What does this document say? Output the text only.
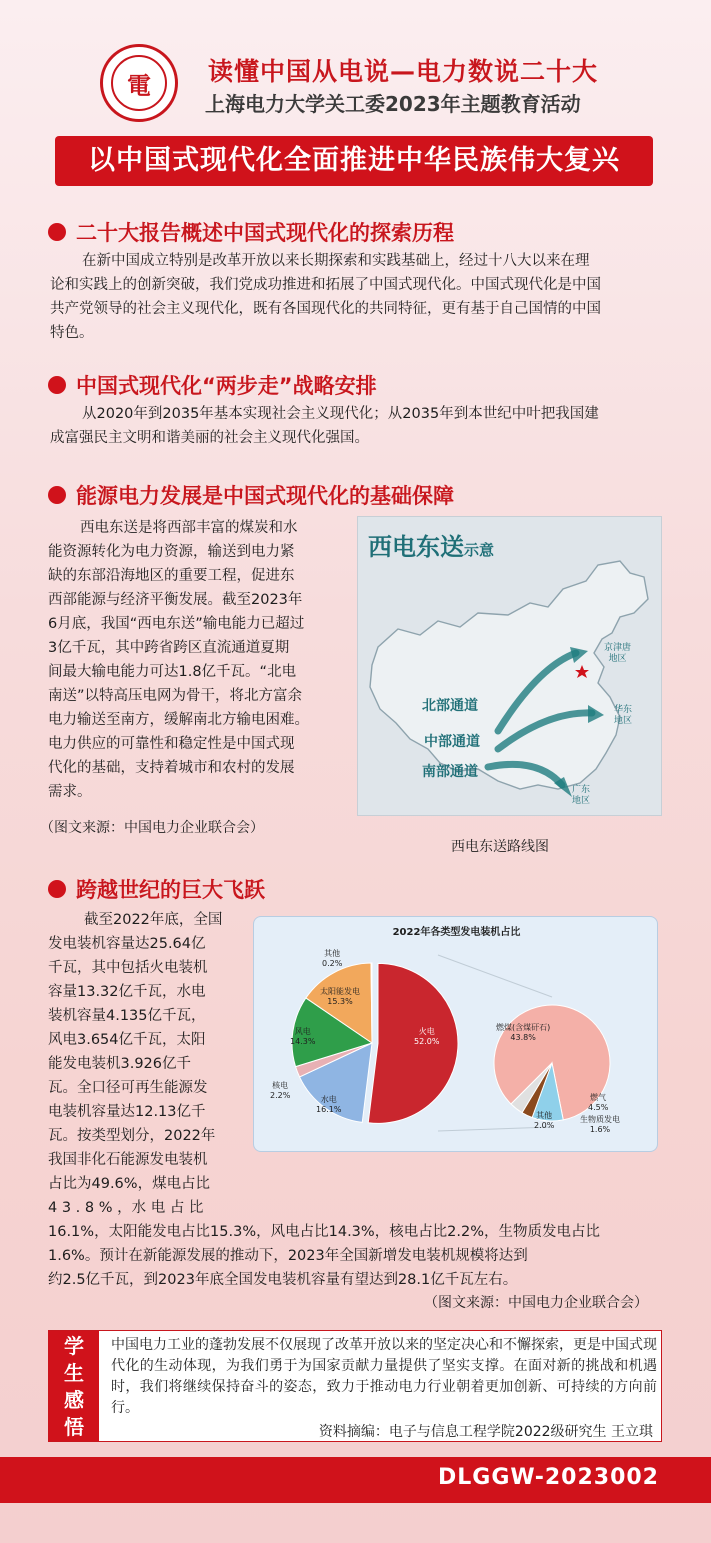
電	读懂中国从电说—电力数说二十大
上海电力大学关工委2023年主题教育活动
以中国式现代化全面推进中华民族伟大复兴
二十大报告概述中国式现代化的探索历程
在新中国成立特别是改革开放以来长期探索和实践基础上，经过十八大以来在理
论和实践上的创新突破，我们党成功推进和拓展了中国式现代化。中国式现代化是中国
共产党领导的社会主义现代化，既有各国现代化的共同特征，更有基于自己国情的中国
特色。
中国式现代化“两步走”战略安排
从2020年到2035年基本实现社会主义现代化；从2035年到本世纪中叶把我国建
成富强民主文明和谐美丽的社会主义现代化强国。
能源电力发展是中国式现代化的基础保障
西电东送是将西部丰富的煤炭和水
能资源转化为电力资源，输送到电力紧
缺的东部沿海地区的重要工程，促进东
西部能源与经济平衡发展。截至2023年
6月底，我国“西电东送”输电能力已超过
3亿千瓦，其中跨省跨区直流通道夏期
间最大输电能力可达1.8亿千瓦。“北电
南送”以特高压电网为骨干，将北方富余
电力输送至南方，缓解南北方输电困难。
电力供应的可靠性和稳定性是中国式现
代化的基础，支持着城市和农村的发展
需求。
（图文来源：中国电力企业联合会）
西电东送示意
北部通道
中部通道
南部通道
京津唐
地区
华东
地区
广东
地区
西电东送路线图
跨越世纪的巨大飞跃
截至2022年底，全国
发电装机容量达25.64亿
千瓦，其中包括火电装机
容量13.32亿千瓦，水电
装机容量4.135亿千瓦，
风电3.654亿千瓦，太阳
能发电装机3.926亿千
瓦。全口径可再生能源发
电装机容量达12.13亿千
瓦。按类型划分，2022年
我国非化石能源发电装机
占比为49.6%，煤电占比
4 3 . 8 % ，水 电 占 比
16.1%，太阳能发电占比15.3%，风电占比14.3%，核电占比2.2%，生物质发电占比
1.6%。预计在新能源发展的推动下，2023年全国新增发电装机规模将达到
约2.5亿千瓦，到2023年底全国发电装机容量有望达到28.1亿千瓦左右。
（图文来源：中国电力企业联合会）
2022年各类型发电装机占比
火电
52.0%
水电
16.1%
核电
2.2%
风电
14.3%
太阳能发电
15.3%
其他
0.2%
燃煤(含煤矸石)
43.8%
燃气
4.5%
其他
2.0%
生物质发电
1.6%
学
生
感
悟
中国电力工业的蓬勃发展不仅展现了改革开放以来的坚定决心和不懈探索，更是中国式现代化的生动体现，为我们勇于为国家贡献力量提供了坚实支撑。在面对新的挑战和机遇时，我们将继续保持奋斗的姿态，致力于推动电力行业朝着更加创新、可持续的方向前行。
资料摘编：电子与信息工程学院2022级研究生 王立琪
DLGGW-2023002
